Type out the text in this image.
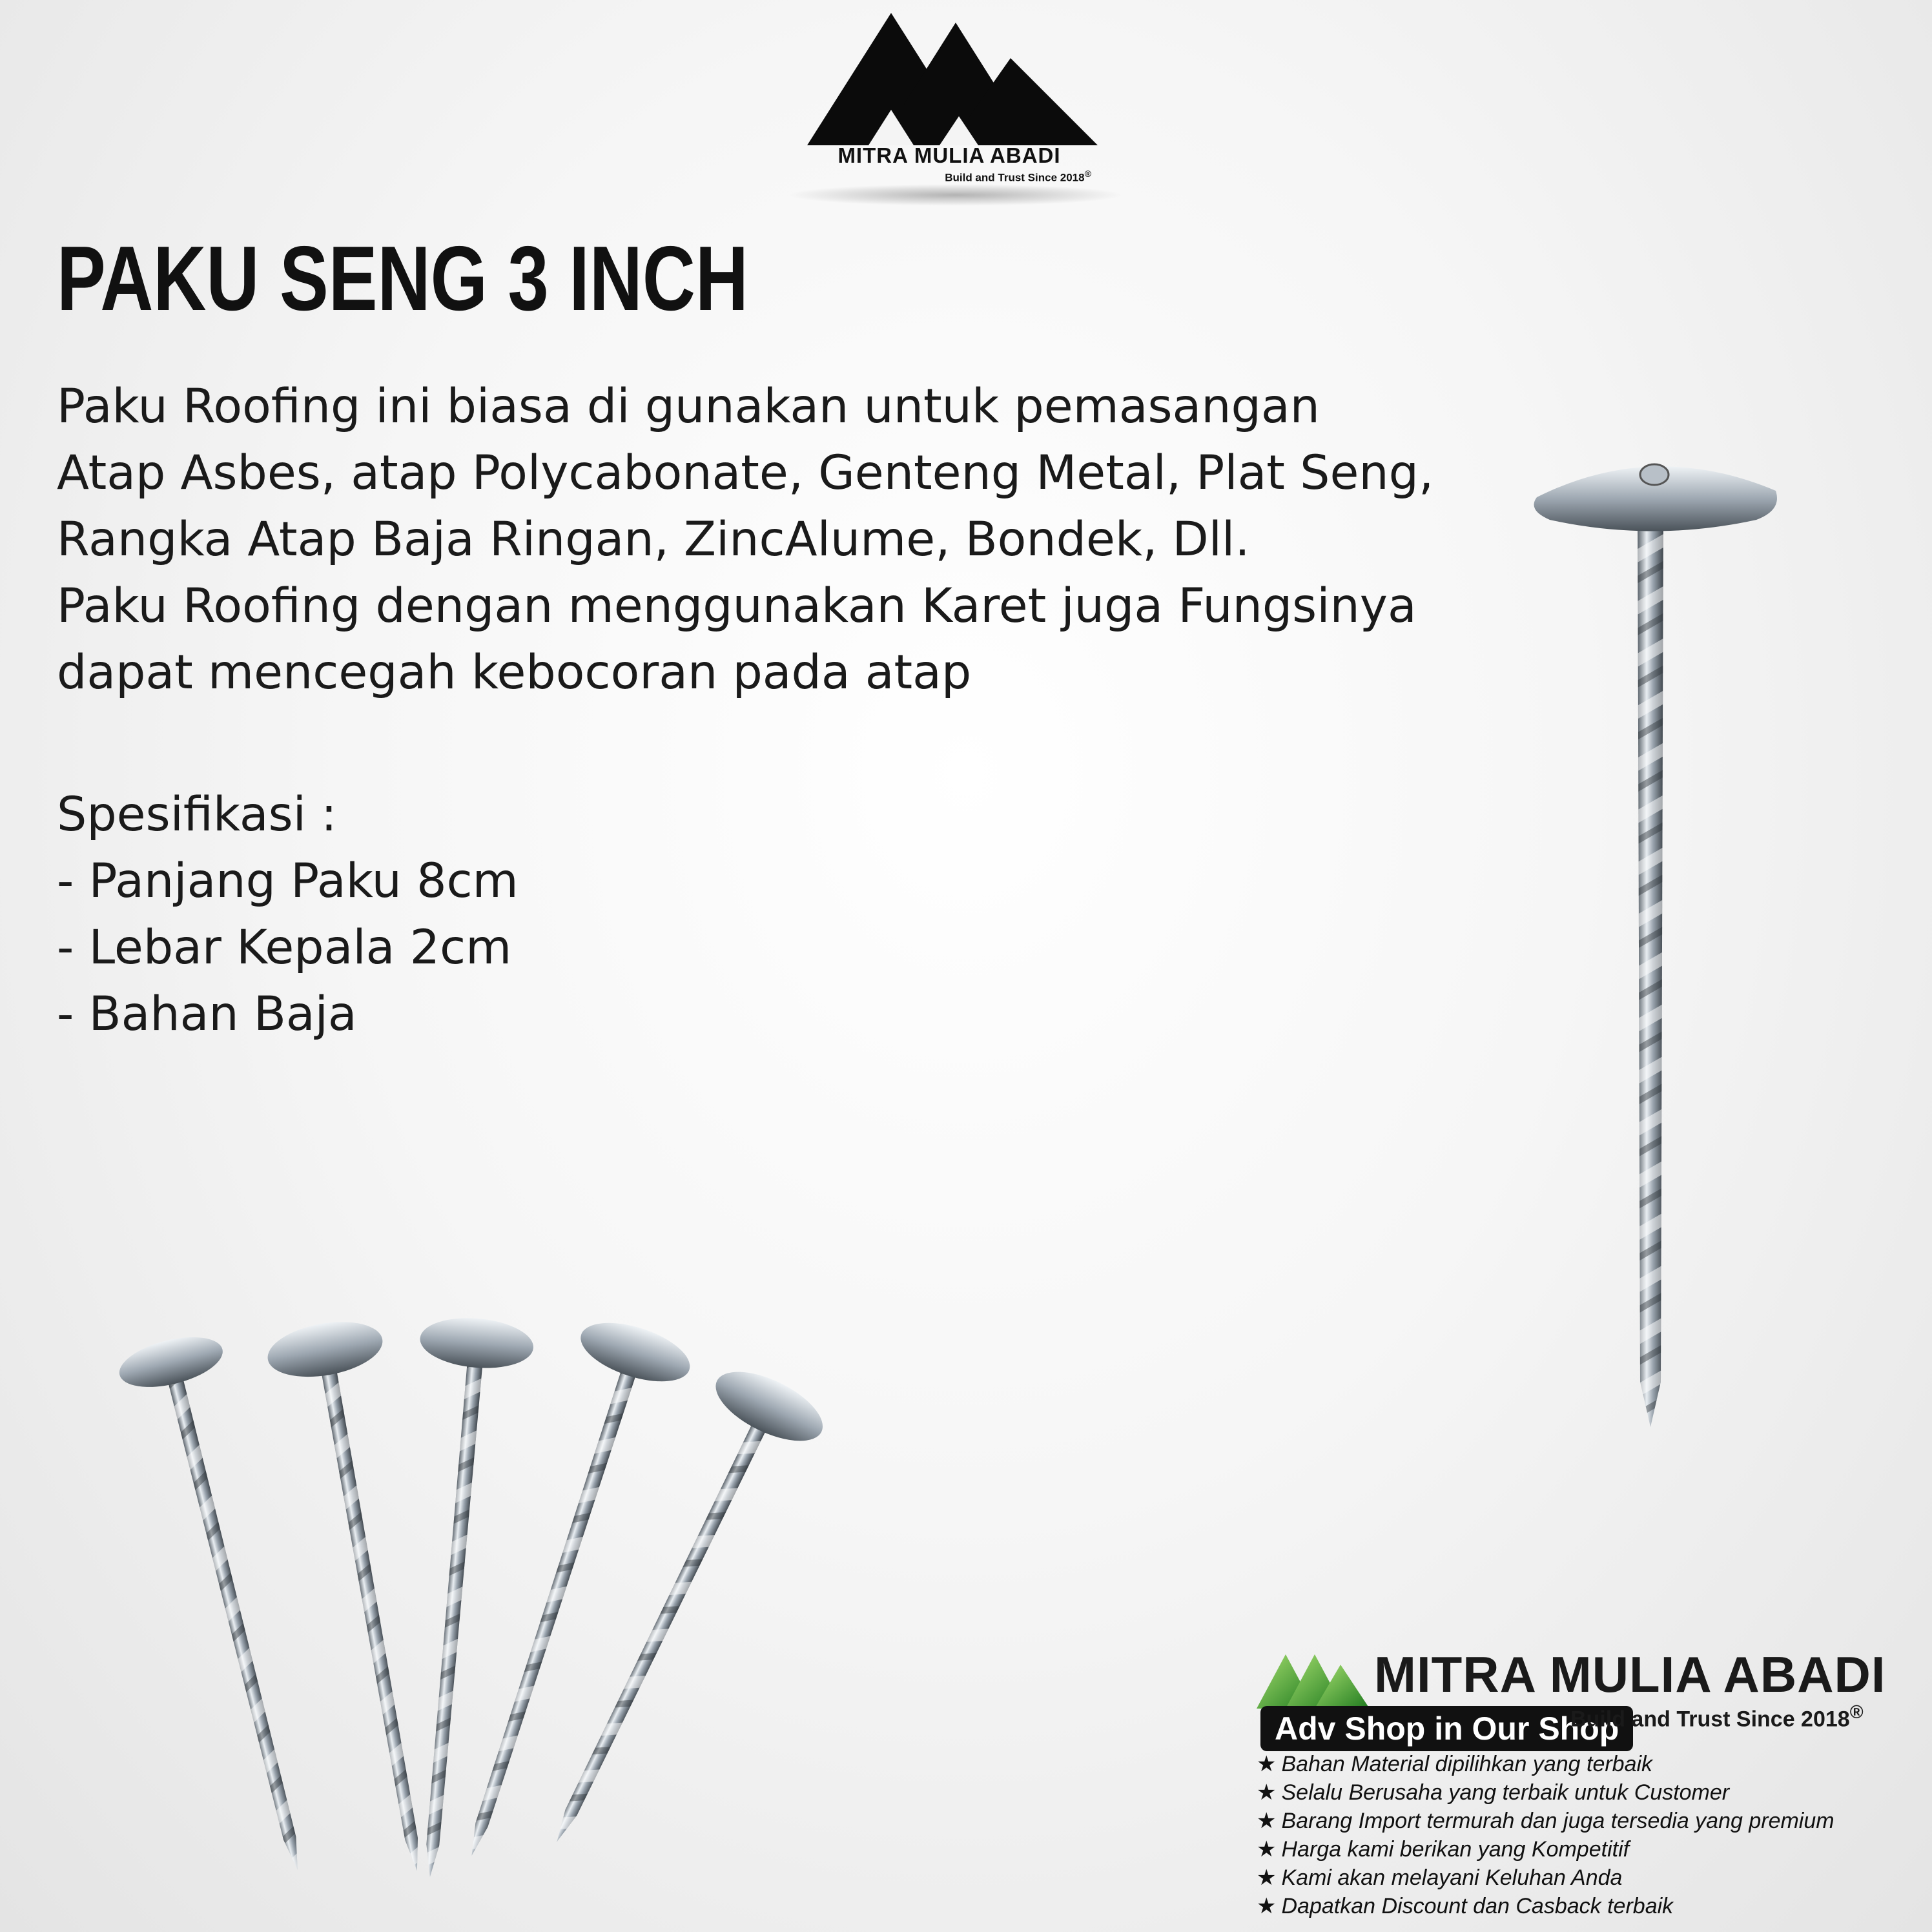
MITRA MULIA ABADI
Build and Trust Since 2018®
PAKU SENG 3 INCH
Paku Roofing ini biasa di gunakan untuk pemasangan
Atap Asbes, atap Polycabonate, Genteng Metal, Plat Seng,
Rangka Atap Baja Ringan, ZincAlume, Bondek, Dll.
Paku Roofing dengan menggunakan Karet juga Fungsinya
dapat mencegah kebocoran pada atap
Spesifikasi :
- Panjang Paku 8cm
- Lebar Kepala 2cm
- Bahan Baja
MITRA MULIA ABADI
Adv Shop in Our Shop
Build and Trust Since 2018®
★ Bahan Material dipilihkan yang terbaik
★ Selalu Berusaha yang terbaik untuk Customer
★ Barang Import termurah dan juga tersedia yang premium
★ Harga kami berikan yang Kompetitif
★ Kami akan melayani Keluhan Anda
★ Dapatkan Discount dan Casback terbaik
